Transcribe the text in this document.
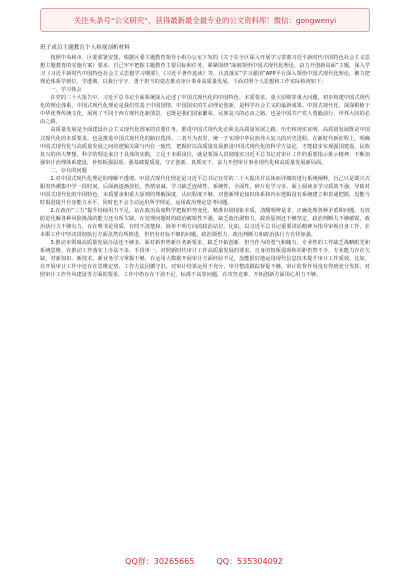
关注头条号“公文研究”，获得最新最全最专业的公文资料库！微信：gongwenyi
班子成员主题教育个人检视剖析材料

按照中央和市、区委部署安排，根据区委主题教育领导小组办公室下发的《关于在全区深入开展学习贯彻习近平新时代中国特色社会主义思想主题教育的实施方案》要求，自己牢牢把握主题教育主要目标和任务，紧紧围绕“深刻领悟中国式现代化理论，奋力开创新局面”主题，深入学习《习近平新时代中国特色社会主义思想学习纲要》、《习近平著作选读》等，认真落实“学习强国”APP平台深入领悟中国式现代化理论，聚力把理论体系学到位、学透彻，以我行字字、勇于担当的姿态推动审计事业高质量发展。下面对照个人思想和工作实际检视如下：

一、学习体会

在党的二十大报告中，习近平总书记全面系统深入论述了中国式现代化的中国特色、本质要求、重大原则等重大问题，初步构建中国式现代化的理论体系，中国式现代化理论是我们党基于中国国情、中国国实的生动理论创新，是科学社会主义的最新成果。中国式现代化、深深根植于中华优秀传统文化，展现了不同于西方现代化新图景，它既是我们国家繁荣、民族复兴的必由之路，也是中国共产党人勇毅前行、世界大同的必由之路。

高质量发展是全面建设社会主义现代化国家的首要任务，推进中国式现代化必须走高质量发展之路。历史和现实证明，高质量发展既是中国式现代化的本质要求，也是推进中国式现代化的路径选择。二者互为表里，统一于实现中华民族伟大复兴的历史进程。在新时代新征程上，明确中国式现代化与高质量发展之间的逻辑关联与内在一致性，把握好以高质量发展推进中国式现代化的科学方法论，才能稳步实现强国建设、民族复兴的伟大梦想。科学的理论来自于具体的实践，立足于本职岗位，就是要深入贯彻落实习近平总书记对审计工作的重要指示批示精神，不断加强审计治理体系建设，补短板强弱项，强基础提质量，守正创新、真抓实干，奋力开创审计事业现代化和高质量发展新局面。

二、存在的问题

1.对中国式现代化理论的理解不透彻。中国式现代化理论是习近平总书记在党的二十大提出并具体而详细的进行系统阐释，自己只是即兴式跟着热潮集中学一段时间，后面就逐渐放松，热情衰减，学习缺乏连续性。系统性、全面性，碎片化学习多，面上阅读多学习质效不强，导致对中国式现代化的中国特色、本质要求和重大原则的理解深度、认识程度不够。对创新理论知识体系和内在逻辑没有系统建立和贯通把握，没能与时俱进提升自身能力水平，同时也不会主动运用所学理论，运用政治理论思考问题。

2.在政治“三力”提升持续用力不足。站在政治高度科学把握形势变化、精准识别现象本质，清醒明辨是非，正确处理各种矛盾和问题，有效防范化解各种风险挑战的能力还有所欠缺，在处理问题时的政治敏锐性不强，缺乏政治洞察力，政治原则还不够坚定，政治判断力不够敏锐，政治执行力不够有力，存在唯书论同质，有时不清楚和，简单不明方向的政治站位。比如，以习近平总书记重要讲话精神为指导审视自身工作，在本职工作中坚决贯彻执行方面虽然有所推进，但仍有对标不够的问题，政治领悟力、政治判断力和政治执行力有待加强。

3.推动本领域高质量发展办法还不够多。面对新形势新任务新要求，缺乏开拓创新、担当作为的勇气和魄力，专业性的工作缺乏战略眼光和系统思维，在推动工作落实上办法不多、手段单一。对照新时代审计工作高质量发展的要求，自身的短板弱项和差距仍然不少，专业能力存在欠缺，对新知识、新技术、新业务学习掌握不够，在运用大数据开展审计方面经验不足，没能很好地运用现代信息技术提升审计工作质效。比如，在开展审计工作中还存在思维定势、工作方法因循守旧，对审计结果运用不充分，审计整改跟踪督促不够，审计监督作用没有得到充分发挥。对照审计工作作风建设等方面的要求，工作中仍存在干劲不足、标准不高等问题，在攻坚克难、开拓创新方面用心用力不够。

QQ群：30265665	QQ：535304092
